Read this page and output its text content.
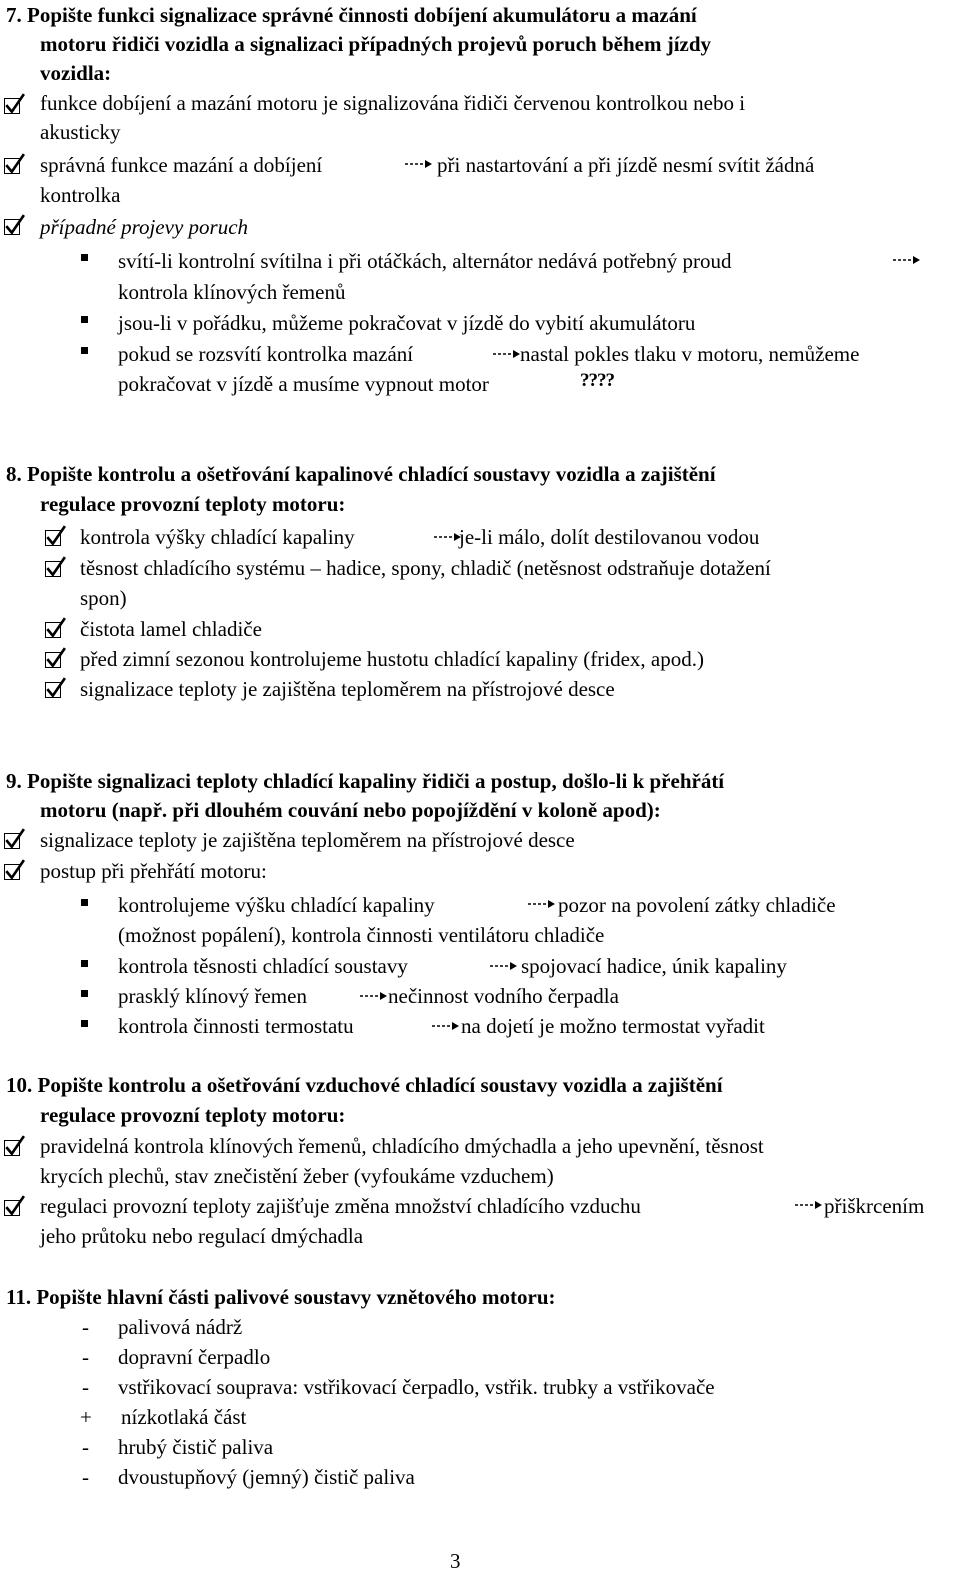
7. Popište funkci signalizace správné činnosti dobíjení akumulátoru a mazání
motoru řidiči vozidla a signalizaci případných projevů poruch během jízdy
vozidla:
funkce dobíjení a mazání motoru je signalizována řidiči červenou kontrolkou nebo i
akusticky
správná funkce mazání a dobíjení	při nastartování a při jízdě nesmí svítit žádná
kontrolka
případné projevy poruch
svítí-li kontrolní svítilna i při otáčkách, alternátor nedává potřebný proud
kontrola klínových řemenů
jsou-li v pořádku, můžeme pokračovat v jízdě do vybití akumulátoru
pokud se rozsvítí kontrolka mazání	nastal pokles tlaku v motoru, nemůžeme
pokračovat v jízdě a musíme vypnout motor	????
8. Popište kontrolu a ošetřování kapalinové chladící soustavy vozidla a zajištění
regulace provozní teploty motoru:
kontrola výšky chladící kapaliny	je-li málo, dolít destilovanou vodou
těsnost chladícího systému – hadice, spony, chladič (netěsnost odstraňuje dotažení
spon)
čistota lamel chladiče
před zimní sezonou kontrolujeme hustotu chladící kapaliny (fridex, apod.)
signalizace teploty je zajištěna teploměrem na přístrojové desce
9. Popište signalizaci teploty chladící kapaliny řidiči a postup, došlo-li k přehřátí
motoru (např. při dlouhém couvání nebo popojíždění v koloně apod):
signalizace teploty je zajištěna teploměrem na přístrojové desce
postup při přehřátí motoru:
kontrolujeme výšku chladící kapaliny	pozor na povolení zátky chladiče
(možnost popálení), kontrola činnosti ventilátoru chladiče
kontrola těsnosti chladící soustavy	spojovací hadice, únik kapaliny
prasklý klínový řemen	nečinnost vodního čerpadla
kontrola činnosti termostatu	na dojetí je možno termostat vyřadit
10. Popište kontrolu a ošetřování vzduchové chladící soustavy vozidla a zajištění
regulace provozní teploty motoru:
pravidelná kontrola klínových řemenů, chladícího dmýchadla a jeho upevnění, těsnost
krycích plechů, stav znečistění žeber (vyfoukáme vzduchem)
regulaci provozní teploty zajišťuje změna množství chladícího vzduchu	přiškrcením
jeho průtoku nebo regulací dmýchadla
11. Popište hlavní části palivové soustavy vznětového motoru:
- palivová nádrž
- dopravní čerpadlo
- vstřikovací souprava: vstřikovací čerpadlo, vstřik. trubky a vstřikovače
+ nízkotlaká část
- hrubý čistič paliva
- dvoustupňový (jemný) čistič paliva
3
